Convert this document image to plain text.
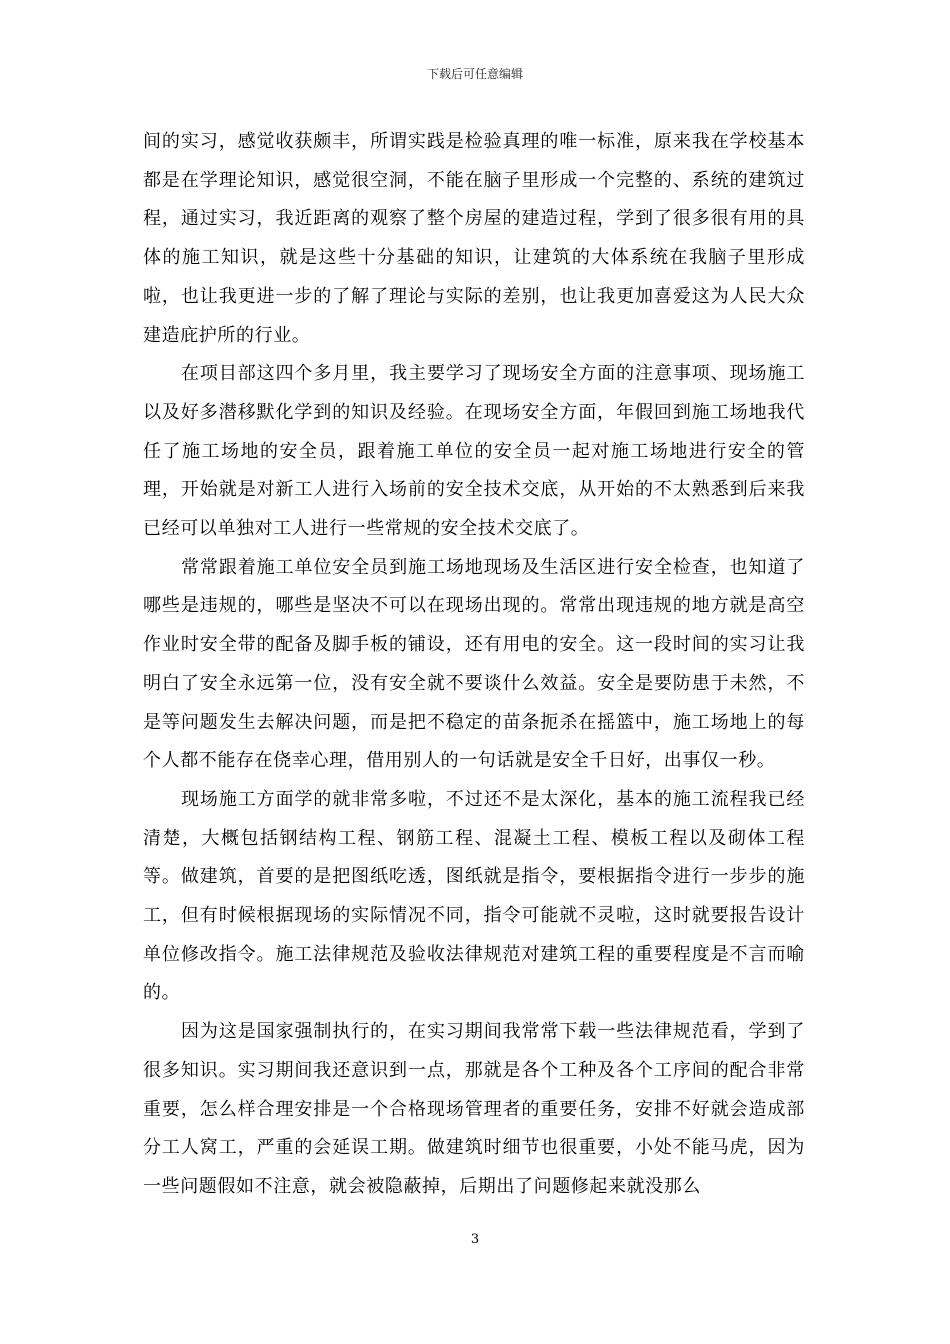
下载后可任意编辑

间的实习，感觉收获颇丰，所谓实践是检验真理的唯一标准，原来我在学校基本都是在学理论知识，感觉很空洞，不能在脑子里形成一个完整的、系统的建筑过程，通过实习，我近距离的观察了整个房屋的建造过程，学到了很多很有用的具体的施工知识，就是这些十分基础的知识，让建筑的大体系统在我脑子里形成啦，也让我更进一步的了解了理论与实际的差别，也让我更加喜爱这为人民大众建造庇护所的行业。

在项目部这四个多月里，我主要学习了现场安全方面的注意事项、现场施工以及好多潜移默化学到的知识及经验。在现场安全方面，年假回到施工场地我代任了施工场地的安全员，跟着施工单位的安全员一起对施工场地进行安全的管理，开始就是对新工人进行入场前的安全技术交底，从开始的不太熟悉到后来我已经可以单独对工人进行一些常规的安全技术交底了。

常常跟着施工单位安全员到施工场地现场及生活区进行安全检查，也知道了哪些是违规的，哪些是坚决不可以在现场出现的。常常出现违规的地方就是高空作业时安全带的配备及脚手板的铺设，还有用电的安全。这一段时间的实习让我明白了安全永远第一位，没有安全就不要谈什么效益。安全是要防患于未然，不是等问题发生去解决问题，而是把不稳定的苗条扼杀在摇篮中，施工场地上的每个人都不能存在侥幸心理，借用别人的一句话就是安全千日好，出事仅一秒。

现场施工方面学的就非常多啦，不过还不是太深化，基本的施工流程我已经清楚，大概包括钢结构工程、钢筋工程、混凝土工程、模板工程以及砌体工程等。做建筑，首要的是把图纸吃透，图纸就是指令，要根据指令进行一步步的施工，但有时候根据现场的实际情况不同，指令可能就不灵啦，这时就要报告设计单位修改指令。施工法律规范及验收法律规范对建筑工程的重要程度是不言而喻的。

因为这是国家强制执行的，在实习期间我常常下载一些法律规范看，学到了很多知识。实习期间我还意识到一点，那就是各个工种及各个工序间的配合非常重要，怎么样合理安排是一个合格现场管理者的重要任务，安排不好就会造成部分工人窝工，严重的会延误工期。做建筑时细节也很重要，小处不能马虎，因为一些问题假如不注意，就会被隐蔽掉，后期出了问题修起来就没那么

3
